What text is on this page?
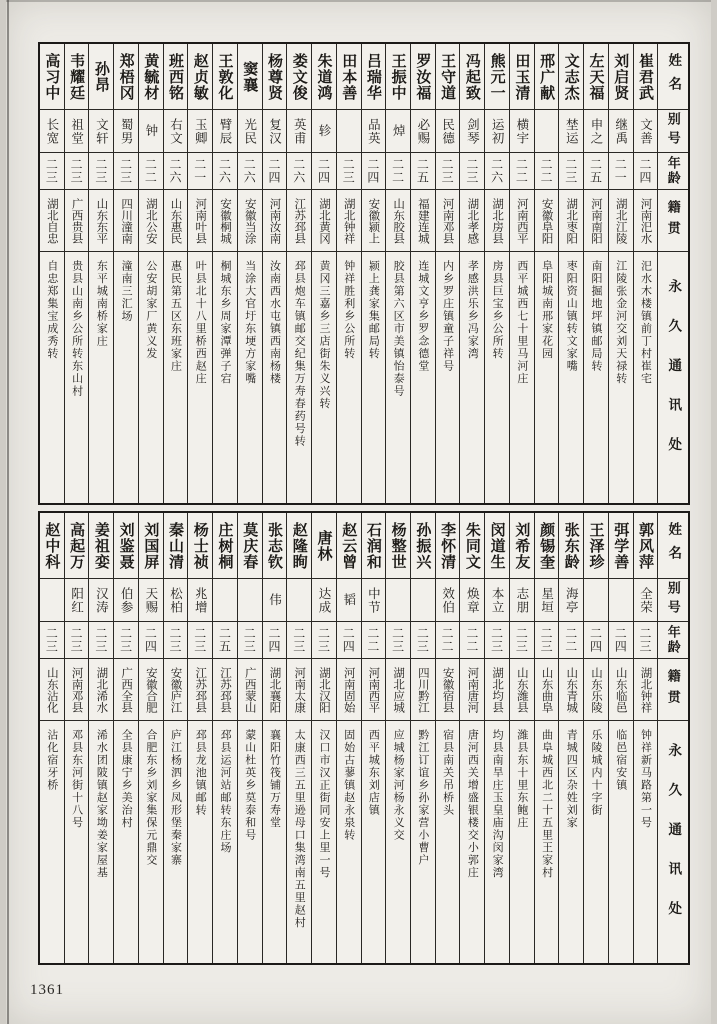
高习中
长宽
二三
湖北自忠
自忠郑集宝成秀转
韦耀廷
祖堂
二三
广西贵县
贵县山南乡公所转东山村
孙昂
文轩
二三
山东东平
东平城南桥家庄
郑梧冈
蜀男
二三
四川潼南
潼南三汇场
黄毓材
钟
二二
湖北公安
公安胡家厂黄义发
班西铭
右文
二六
山东惠民
惠民第五区东班家庄
赵贞敏
玉卿
二一
河南叶县
叶县北十八里桥西赵庄
王敦化
臂辰
二六
安徽桐城
桐城东乡周家潭弹子宕
窦襄
光民
二六
安徽当涂
当涂大官圩东埂方家嘴
杨尊贤
复汉
二四
河南汝南
汝南西水屯镇西南杨楼
娄文俊
英甫
二六
江苏邳县
邳县炮车镇邮交纪集万寿春药号转
朱道鸿
轸
二四
湖北黄冈
黄冈三嘉乡三店街朱义兴转
田本善
二三
湖北钟祥
钟祥胜利乡公所转
吕瑞华
品英
二四
安徽颍上
颍上龚家集邮局转
王振中
焯
二二
山东胶县
胶县第六区市美镇怡泰号
罗汝福
必赐
二五
福建连城
连城文亨乡罗念德堂
王守道
民德
二三
河南邓县
内乡罗庄镇童子祥号
冯起致
剑琴
二三
湖北孝感
孝感洪乐乡冯家湾
熊元一
运初
二六
湖北房县
房县巨宝乡公所转
田玉清
横宇
二二
河南西平
西平城西七十里马河庄
邢广献
二二
安徽阜阳
阜阳城南邢家花园
文志杰
埜运
二三
湖北枣阳
枣阳资山镇转文家嘴
左天福
申之
二五
河南南阳
南阳掘地坪镇邮局转
刘启贤
继禹
二一
湖北江陵
江陵张金河交刘天禄转
崔君武
文善
二四
河南汜水
汜水木楼镇前丁村崔宅
姓名
别号
年龄
籍贯
永久通讯处
赵中科
二三
山东沾化
沾化宿牙桥
高起万
阳红
二三
河南邓县
邓县东河街十八号
姜祖娈
汉涛
二三
湖北浠水
浠水团陂镇赵家坳姜家屋基
刘鉴聂
伯参
二三
广西全县
全县康宁乡美治村
刘国屏
天赐
二四
安徽合肥
合肥东乡刘家集保元鼎交
秦山清
松柏
二三
安徽庐江
庐江杨泗乡凤形堡秦家寨
杨士祯
兆增
二三
江苏邳县
邳县龙池镇邮转
庄树桐
二五
江苏邳县
邳县运河站邮转东庄场
莫庆春
二三
广西蒙山
蒙山杜英乡莫泰和号
张志钦
伟
二四
湖北襄阳
襄阳竹筏铺万寿堂
赵隆眴
二三
河南太康
太康西三五里逊母口集湾南五里赵村
唐林
达成
二三
湖北汉阳
汉口市汉正街同安上里一号
赵云曾
韬
二四
河南固始
固始古蓼镇赵永泉转
石润和
中节
二二
河南西平
西平城东刘店镇
杨整世
二三
湖北应城
应城杨家河杨永义交
孙振兴
二三
四川黔江
黔江订谊乡孙家营小曹户
李怀清
效伯
二二
安徽宿县
宿县南关吊桥头
朱同文
焕章
二二
河南唐河
唐河西关增盛银楼交小郭庄
闵道生
本立
二三
湖北均县
均县南旱庄玉皇庙沟闵家湾
刘希友
志朋
二三
山东潍县
潍县东十里东鲍庄
颜锡奎
星垣
二三
山东曲阜
曲阜城西北二十五里王家村
张东龄
海亭
二二
山东青城
青城四区杂姓刘家
王泽珍
二四
山东乐陵
乐陵城内十字街
弭学善
二四
山东临邑
临邑宿安镇
郭风萍
全荣
二三
湖北钟祥
钟祥新马路第一号
姓名
别号
年龄
籍贯
永久通讯处
1361
